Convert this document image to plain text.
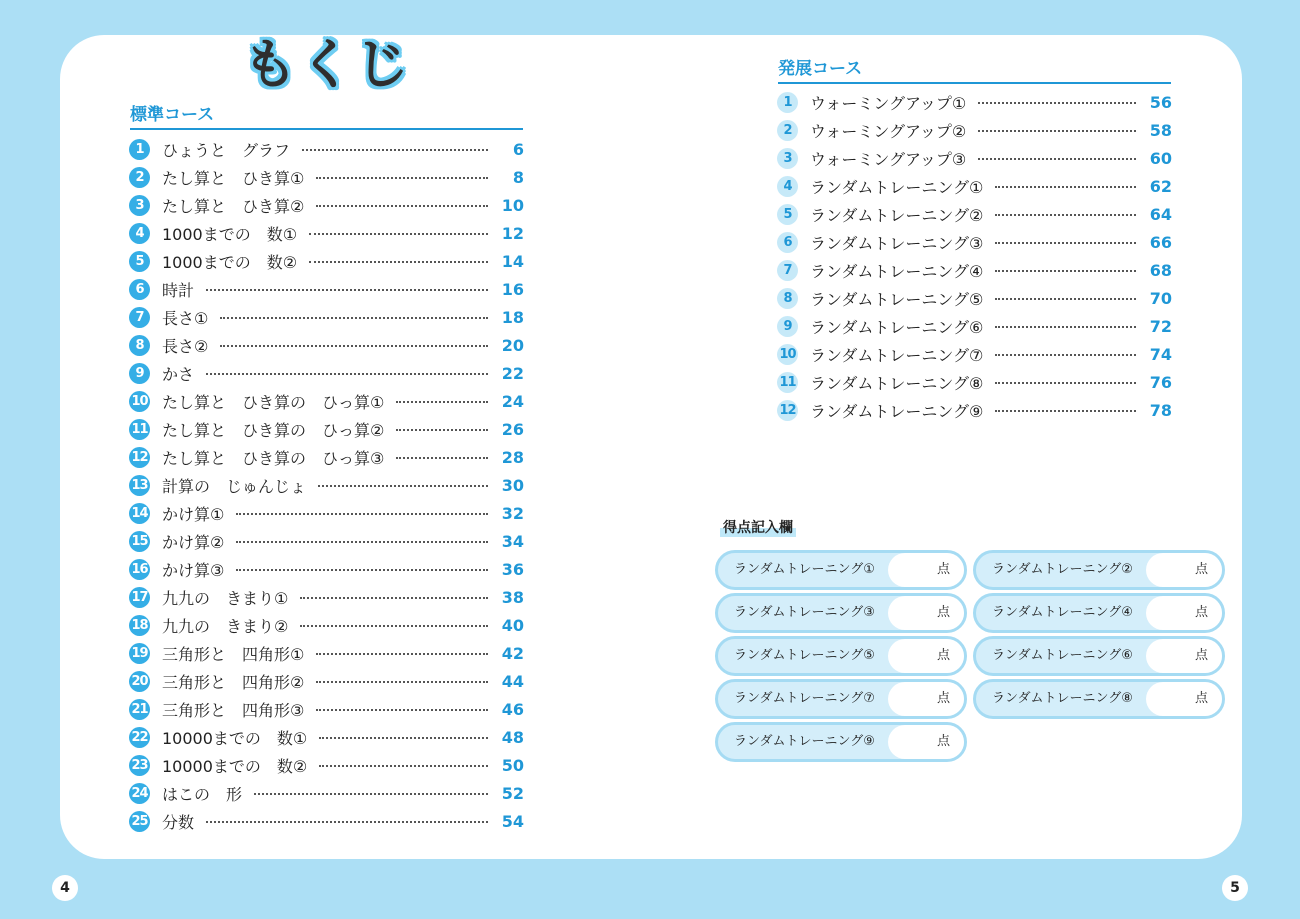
もくじ
標準コース
1	ひょうと　グラフ	6
2	たし算と　ひき算①	8
3	たし算と　ひき算②	10
4	1000までの　数①	12
5	1000までの　数②	14
6	時計	16
7	長さ①	18
8	長さ②	20
9	かさ	22
10 たし算と　ひき算の　ひっ算①	24
11 たし算と　ひき算の　ひっ算②	26
12 たし算と　ひき算の　ひっ算③	28
13 計算の　じゅんじょ	30
14 かけ算①	32
15 かけ算②	34
16 かけ算③	36
17 九九の　きまり①	38
18 九九の　きまり②	40
19 三角形と　四角形①	42
20 三角形と　四角形②	44
21 三角形と　四角形③	46
22 10000までの　数①	48
23 10000までの　数②	50
24 はこの　形	52
25 分数	54
発展コース
1	ウォーミングアップ①	56
2	ウォーミングアップ②	58
3	ウォーミングアップ③	60
4	ランダムトレーニング①	62
5	ランダムトレーニング②	64
6	ランダムトレーニング③	66
7	ランダムトレーニング④	68
8	ランダムトレーニング⑤	70
9	ランダムトレーニング⑥	72
10 ランダムトレーニング⑦	74
11 ランダムトレーニング⑧	76
12 ランダムトレーニング⑨	78
得点記入欄
ランダムトレーニング①	点	ランダムトレーニング②	点
ランダムトレーニング③	点	ランダムトレーニング④	点
ランダムトレーニング⑤	点	ランダムトレーニング⑥	点
ランダムトレーニング⑦	点	ランダムトレーニング⑧	点
ランダムトレーニング⑨	点
4	5
